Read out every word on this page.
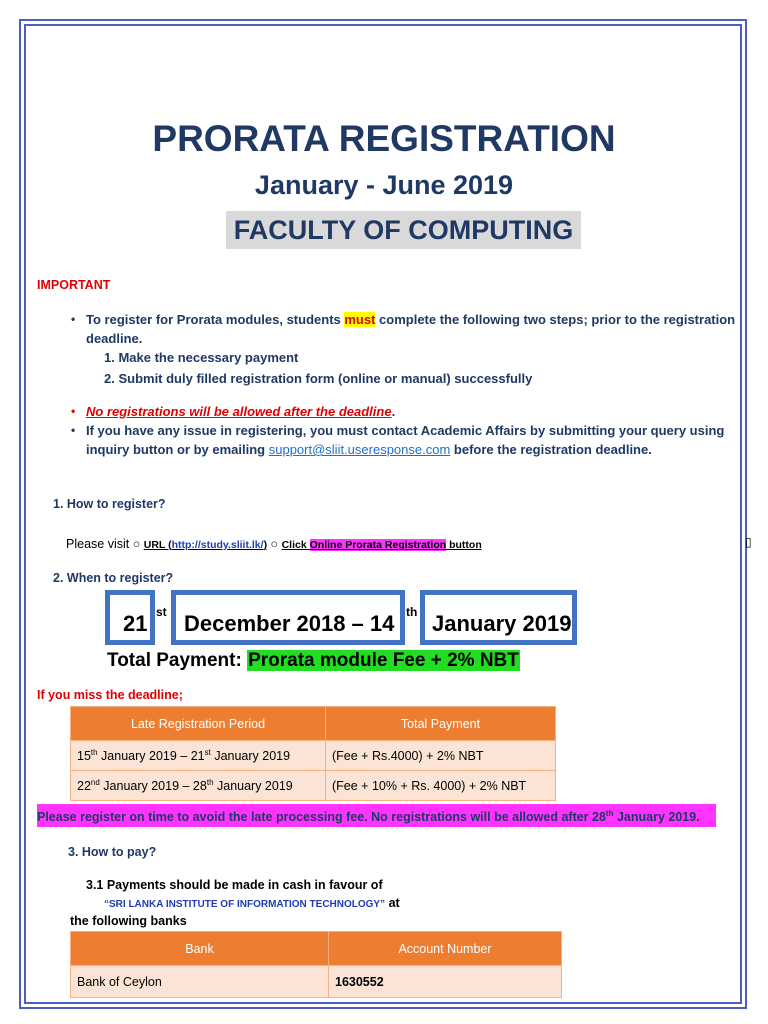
PRORATA REGISTRATION
January - June 2019
FACULTY OF COMPUTING
IMPORTANT
• To register for Prorata modules, students must complete the following two steps; prior to the registration
deadline.
1. Make the necessary payment
2. Submit duly filled registration form (online or manual) successfully
• No registrations will be allowed after the deadline.
• If you have any issue in registering, you must contact Academic Affairs by submitting your query using
inquiry button or by emailing support@sliit.useresponse.com before the registration deadline.
1. How to register?
Please visit ○ URL (http://study.sliit.lk/) ○ Click Online Prorata Registration button	▯
2. When to register?
21 st December 2018 – 14 th January 2019
Total Payment: Prorata module Fee + 2% NBT
If you miss the deadline;
Late Registration Period	Total Payment
15th January 2019 – 21st January 2019	(Fee + Rs.4000) + 2% NBT
22nd January 2019 – 28th January 2019	(Fee + 10% + Rs. 4000) + 2% NBT
Please register on time to avoid the late processing fee. No registrations will be allowed after 28th January 2019.
3. How to pay?
3.1 Payments should be made in cash in favour of
“SRI LANKA INSTITUTE OF INFORMATION TECHNOLOGY” at
the following banks
Bank	Account Number
Bank of Ceylon	1630552
